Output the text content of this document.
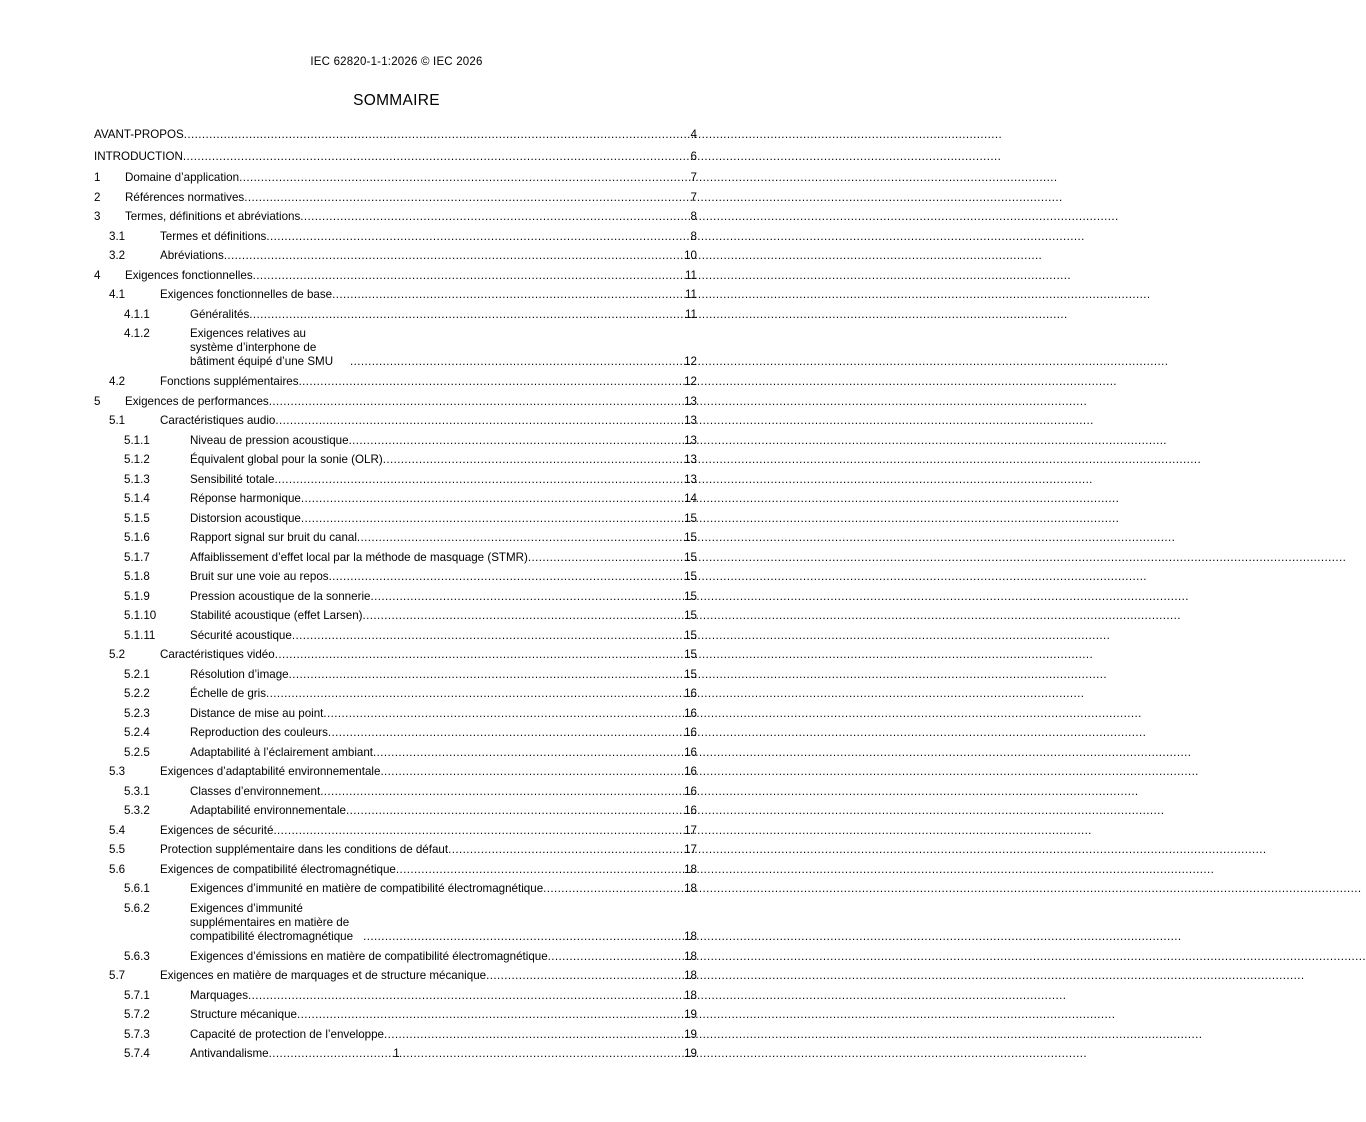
IEC 62820-1-1:2026 © IEC 2026
SOMMAIRE
AVANT-PROPOS .....	4
INTRODUCTION .....	6
1 Domaine d’application .....	7
2 Références normatives .....	7
3 Termes, définitions et abréviations .....	8
3.1	Termes et définitions .....	8
3.2	Abréviations .....	10
4 Exigences fonctionnelles .....	11
4.1	Exigences fonctionnelles de base .....	11
4.1.1	Généralités .....	11
4.1.2	Exigences relatives au système d’interphone de bâtiment équipé d’une SMU .....	12
4.2	Fonctions supplémentaires .....	12
5 Exigences de performances .....	13
5.1	Caractéristiques audio .....	13
5.1.1	Niveau de pression acoustique .....	13
5.1.2	Équivalent global pour la sonie (OLR) .....	13
5.1.3	Sensibilité totale .....	13
5.1.4	Réponse harmonique .....	14
5.1.5	Distorsion acoustique .....	15
5.1.6	Rapport signal sur bruit du canal .....	15
5.1.7	Affaiblissement d’effet local par la méthode de masquage (STMR) .....	15
5.1.8	Bruit sur une voie au repos .....	15
5.1.9	Pression acoustique de la sonnerie .....	15
5.1.10	Stabilité acoustique (effet Larsen) .....	15
5.1.11	Sécurité acoustique .....	15
5.2	Caractéristiques vidéo .....	15
5.2.1	Résolution d’image .....	15
5.2.2	Échelle de gris .....	16
5.2.3	Distance de mise au point .....	16
5.2.4	Reproduction des couleurs .....	16
5.2.5	Adaptabilité à l’éclairement ambiant .....	16
5.3	Exigences d’adaptabilité environnementale .....	16
5.3.1	Classes d’environnement .....	16
5.3.2	Adaptabilité environnementale .....	16
5.4	Exigences de sécurité .....	17
5.5	Protection supplémentaire dans les conditions de défaut .....	17
5.6	Exigences de compatibilité électromagnétique .....	18
5.6.1	Exigences d’immunité en matière de compatibilité électromagnétique .....	18
5.6.2	Exigences d’immunité supplémentaires en matière de compatibilité électromagnétique .....	18
5.6.3	Exigences d’émissions en matière de compatibilité électromagnétique .....	18
5.7	Exigences en matière de marquages et de structure mécanique .....	18
5.7.1	Marquages .....	18
5.7.2	Structure mécanique .....	19
5.7.3	Capacité de protection de l’enveloppe .....	19
5.7.4	Antivandalisme .....	19
1
